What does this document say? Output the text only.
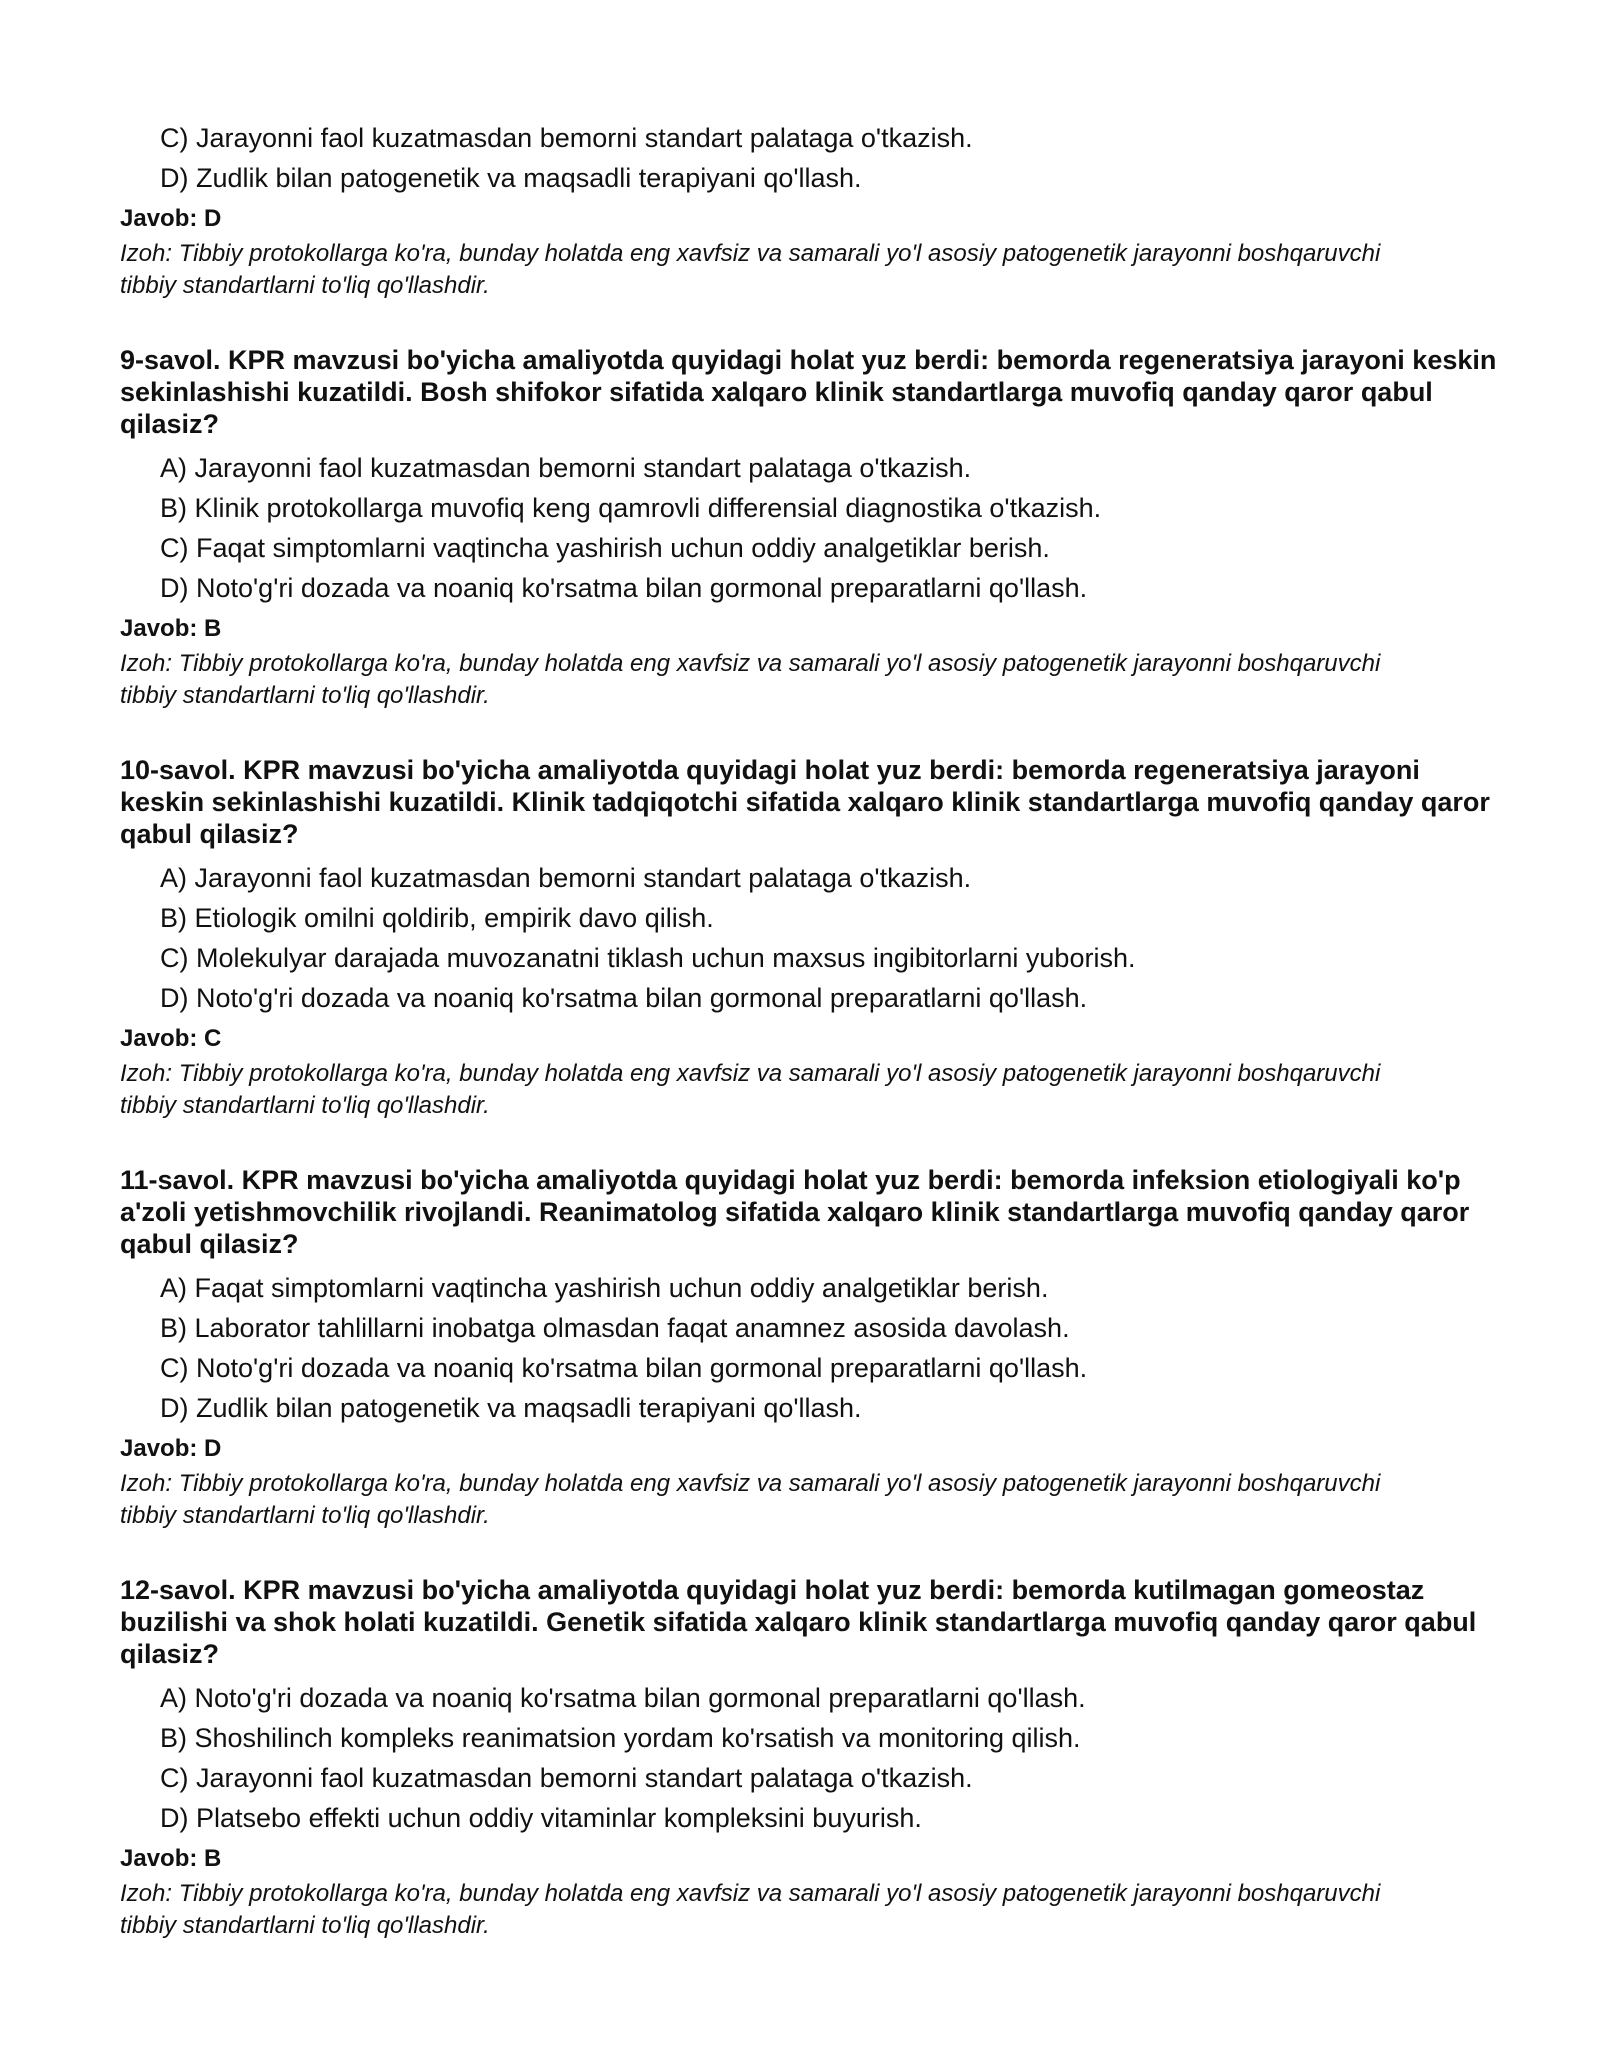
C) Jarayonni faol kuzatmasdan bemorni standart palataga o'tkazish.
D) Zudlik bilan patogenetik va maqsadli terapiyani qo'llash.
Javob: D
Izoh: Tibbiy protokollarga ko'ra, bunday holatda eng xavfsiz va samarali yo'l asosiy patogenetik jarayonni boshqaruvchi tibbiy standartlarni to'liq qo'llashdir.
9-savol. KPR mavzusi bo'yicha amaliyotda quyidagi holat yuz berdi: bemorda regeneratsiya jarayoni keskin sekinlashishi kuzatildi. Bosh shifokor sifatida xalqaro klinik standartlarga muvofiq qanday qaror qabul qilasiz?
A) Jarayonni faol kuzatmasdan bemorni standart palataga o'tkazish.
B) Klinik protokollarga muvofiq keng qamrovli differensial diagnostika o'tkazish.
C) Faqat simptomlarni vaqtincha yashirish uchun oddiy analgetiklar berish.
D) Noto'g'ri dozada va noaniq ko'rsatma bilan gormonal preparatlarni qo'llash.
Javob: B
Izoh: Tibbiy protokollarga ko'ra, bunday holatda eng xavfsiz va samarali yo'l asosiy patogenetik jarayonni boshqaruvchi tibbiy standartlarni to'liq qo'llashdir.
10-savol. KPR mavzusi bo'yicha amaliyotda quyidagi holat yuz berdi: bemorda regeneratsiya jarayoni keskin sekinlashishi kuzatildi. Klinik tadqiqotchi sifatida xalqaro klinik standartlarga muvofiq qanday qaror qabul qilasiz?
A) Jarayonni faol kuzatmasdan bemorni standart palataga o'tkazish.
B) Etiologik omilni qoldirib, empirik davo qilish.
C) Molekulyar darajada muvozanatni tiklash uchun maxsus ingibitorlarni yuborish.
D) Noto'g'ri dozada va noaniq ko'rsatma bilan gormonal preparatlarni qo'llash.
Javob: C
Izoh: Tibbiy protokollarga ko'ra, bunday holatda eng xavfsiz va samarali yo'l asosiy patogenetik jarayonni boshqaruvchi tibbiy standartlarni to'liq qo'llashdir.
11-savol. KPR mavzusi bo'yicha amaliyotda quyidagi holat yuz berdi: bemorda infeksion etiologiyali ko'p a'zoli yetishmovchilik rivojlandi. Reanimatolog sifatida xalqaro klinik standartlarga muvofiq qanday qaror qabul qilasiz?
A) Faqat simptomlarni vaqtincha yashirish uchun oddiy analgetiklar berish.
B) Laborator tahlillarni inobatga olmasdan faqat anamnez asosida davolash.
C) Noto'g'ri dozada va noaniq ko'rsatma bilan gormonal preparatlarni qo'llash.
D) Zudlik bilan patogenetik va maqsadli terapiyani qo'llash.
Javob: D
Izoh: Tibbiy protokollarga ko'ra, bunday holatda eng xavfsiz va samarali yo'l asosiy patogenetik jarayonni boshqaruvchi tibbiy standartlarni to'liq qo'llashdir.
12-savol. KPR mavzusi bo'yicha amaliyotda quyidagi holat yuz berdi: bemorda kutilmagan gomeostaz buzilishi va shok holati kuzatildi. Genetik sifatida xalqaro klinik standartlarga muvofiq qanday qaror qabul qilasiz?
A) Noto'g'ri dozada va noaniq ko'rsatma bilan gormonal preparatlarni qo'llash.
B) Shoshilinch kompleks reanimatsion yordam ko'rsatish va monitoring qilish.
C) Jarayonni faol kuzatmasdan bemorni standart palataga o'tkazish.
D) Platsebo effekti uchun oddiy vitaminlar kompleksini buyurish.
Javob: B
Izoh: Tibbiy protokollarga ko'ra, bunday holatda eng xavfsiz va samarali yo'l asosiy patogenetik jarayonni boshqaruvchi tibbiy standartlarni to'liq qo'llashdir.
